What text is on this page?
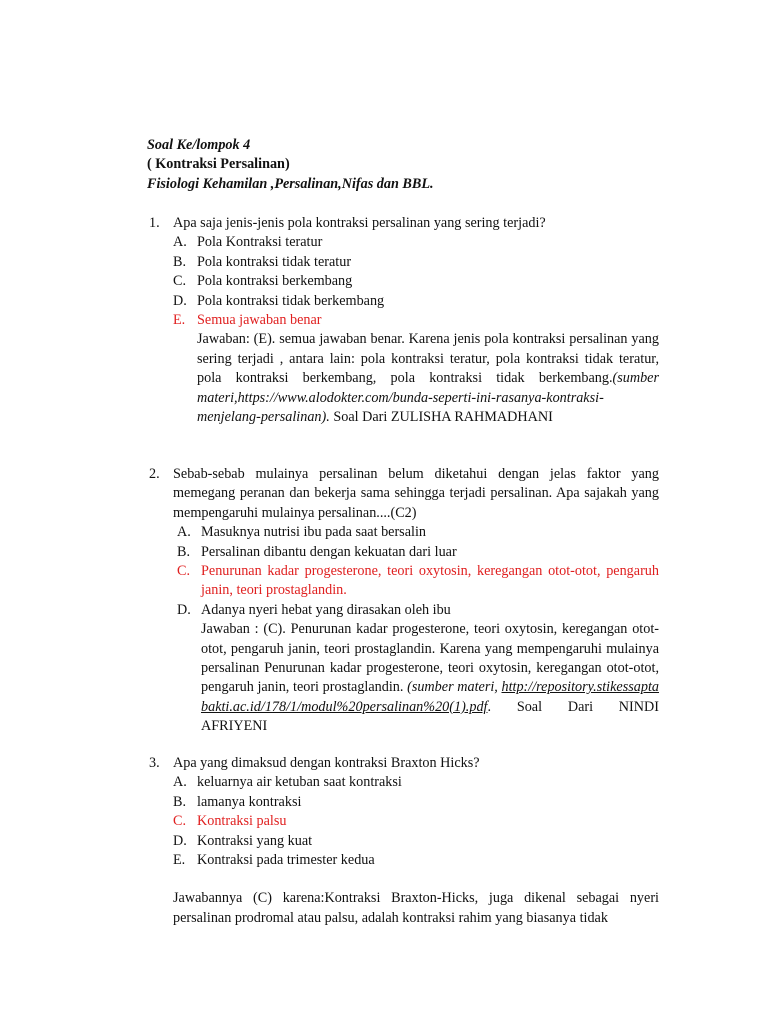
Soal Ke/lompok 4
( Kontraksi Persalinan)
Fisiologi Kehamilan ,Persalinan,Nifas dan BBL.
1. Apa saja jenis-jenis pola kontraksi persalinan yang sering terjadi?
A. Pola Kontraksi teratur
B. Pola kontraksi tidak teratur
C. Pola kontraksi berkembang
D. Pola kontraksi tidak berkembang
E. Semua jawaban benar
Jawaban: (E). semua jawaban benar. Karena jenis pola kontraksi persalinan yang sering terjadi , antara lain: pola kontraksi teratur, pola kontraksi tidak teratur, pola kontraksi berkembang, pola kontraksi tidak berkembang.(sumber materi,https://www.alodokter.com/bunda-seperti-ini-rasanya-kontraksi-menjelang-persalinan). Soal Dari ZULISHA RAHMADHANI
2. Sebab-sebab mulainya persalinan belum diketahui dengan jelas faktor yang memegang peranan dan bekerja sama sehingga terjadi persalinan. Apa sajakah yang mempengaruhi mulainya persalinan....(C2)
A. Masuknya nutrisi ibu pada saat bersalin
B. Persalinan dibantu dengan kekuatan dari luar
C. Penurunan kadar progesterone, teori oxytosin, keregangan otot-otot, pengaruh janin, teori prostaglandin.
D. Adanya nyeri hebat yang dirasakan oleh ibu
Jawaban : (C). Penurunan kadar progesterone, teori oxytosin, keregangan otot-otot, pengaruh janin, teori prostaglandin. Karena yang mempengaruhi mulainya persalinan Penurunan kadar progesterone, teori oxytosin, keregangan otot-otot, pengaruh janin, teori prostaglandin. (sumber materi, http://repository.stikessaptabakti.ac.id/178/1/modul%20persalinan%20(1).pdf. Soal Dari NINDI AFRIYENI
3. Apa yang dimaksud dengan kontraksi Braxton Hicks?
A. keluarnya air ketuban saat kontraksi
B. lamanya kontraksi
C. Kontraksi palsu
D. Kontraksi yang kuat
E. Kontraksi pada trimester kedua
Jawabannya (C) karena:Kontraksi Braxton-Hicks, juga dikenal sebagai nyeri persalinan prodromal atau palsu, adalah kontraksi rahim yang biasanya tidak
